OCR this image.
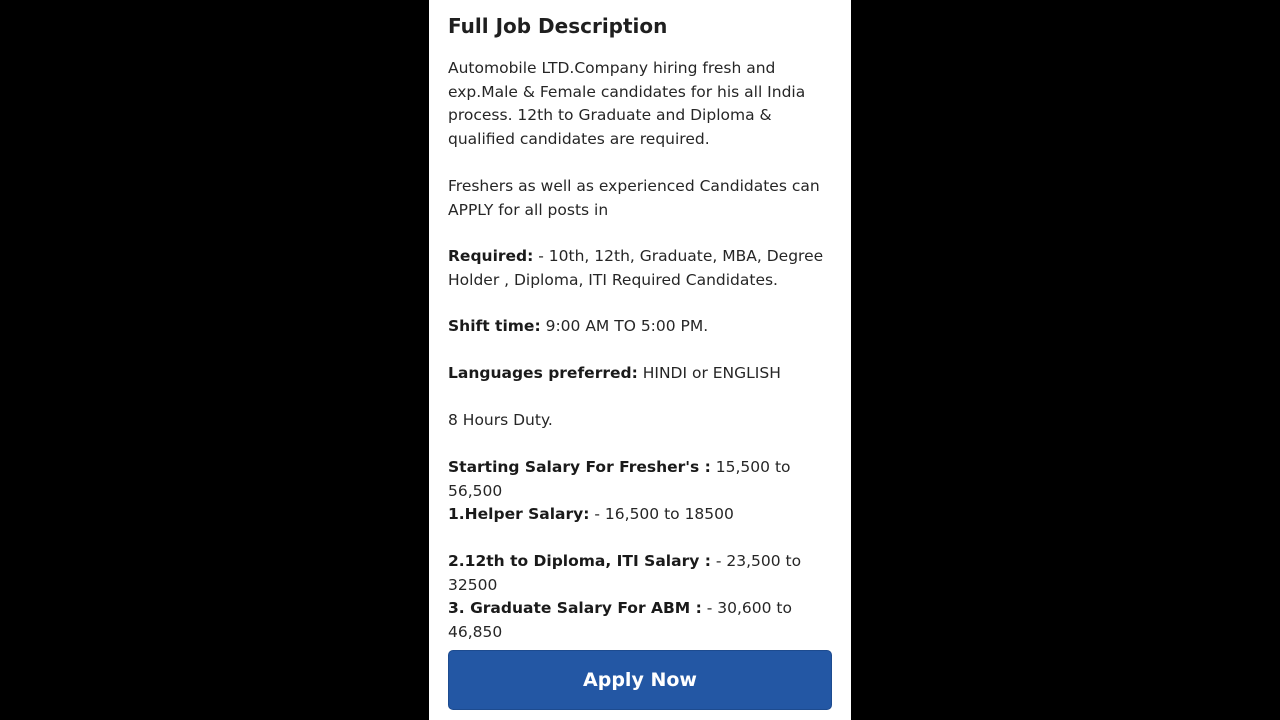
Full Job Description

Automobile LTD.Company hiring fresh and exp.Male & Female candidates for his all India process. 12th to Graduate and Diploma & qualified candidates are required.

Freshers as well as experienced Candidates can APPLY for all posts in

Required: - 10th, 12th, Graduate, MBA, Degree Holder , Diploma, ITI Required Candidates.

Shift time: 9:00 AM TO 5:00 PM.

Languages preferred: HINDI or ENGLISH

8 Hours Duty.

Starting Salary For Fresher's : 15,500 to 56,500

1.Helper Salary: - 16,500 to 18500

2.12th to Diploma, ITI Salary : - 23,500 to 32500

3. Graduate Salary For ABM : - 30,600 to 46,850

Apply Now
